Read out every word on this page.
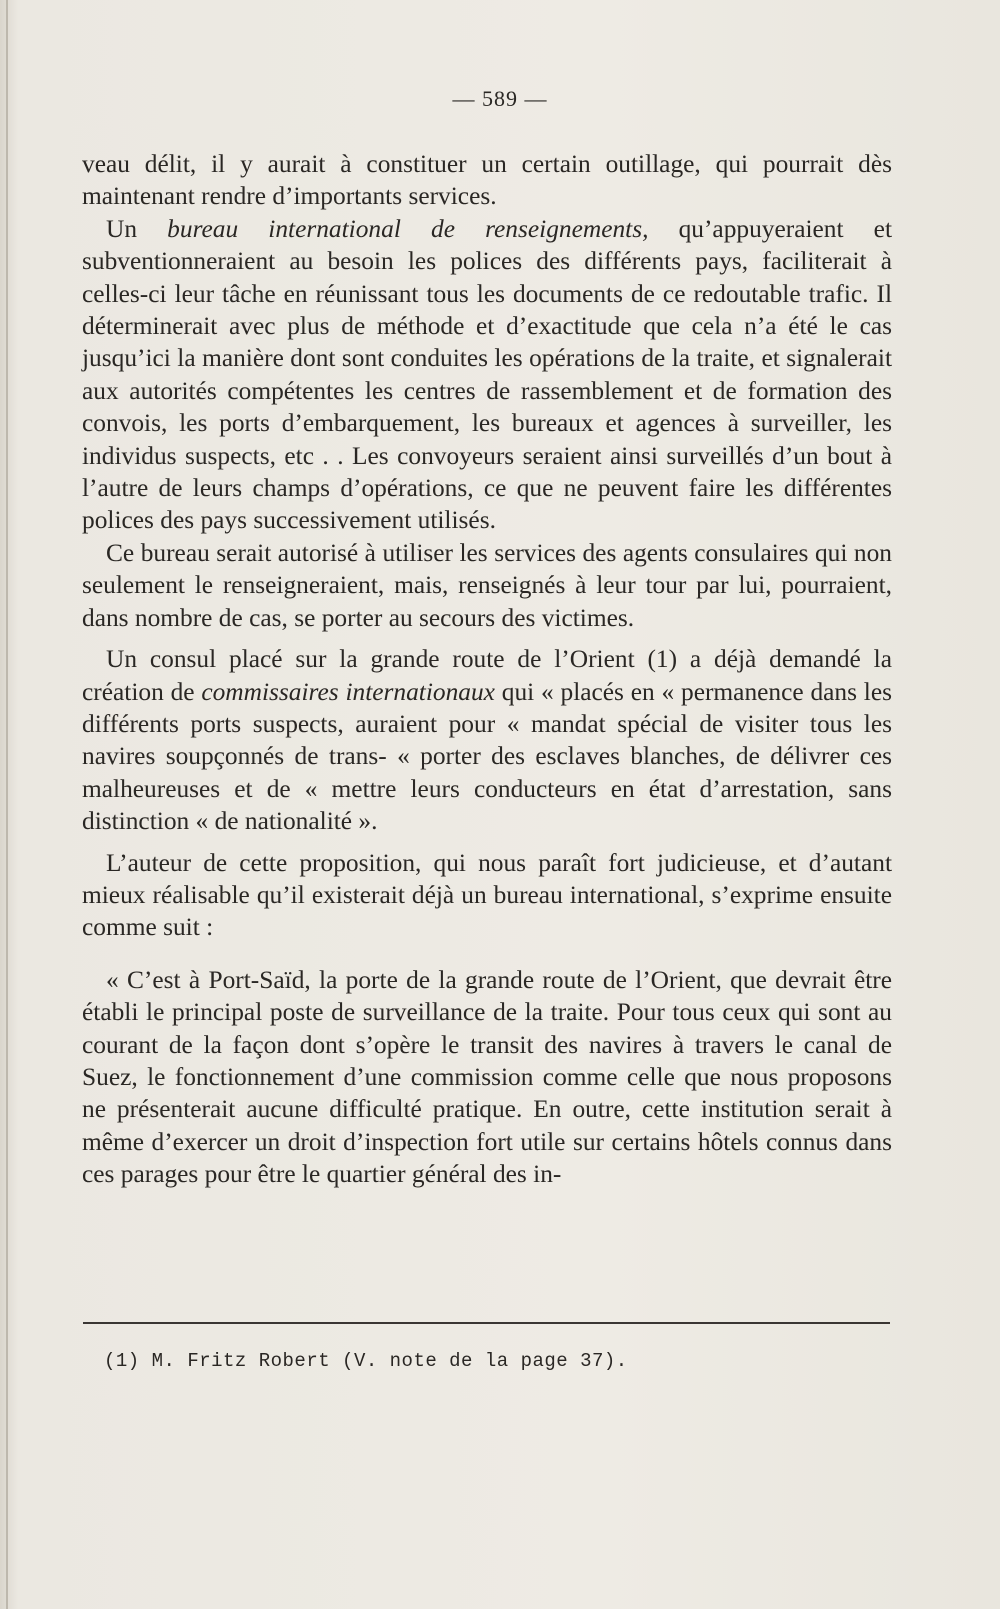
— 589 —

veau délit, il y aurait à constituer un certain outillage, qui pourrait dès maintenant rendre d’importants services.

Un bureau international de renseignements, qu’appuyeraient et subventionneraient au besoin les polices des différents pays, faciliterait à celles-ci leur tâche en réunissant tous les documents de ce redoutable trafic. Il déterminerait avec plus de méthode et d’exactitude que cela n’a été le cas jusqu’ici la manière dont sont conduites les opérations de la traite, et signalerait aux autorités compétentes les centres de rassemblement et de formation des convois, les ports d’embarquement, les bureaux et agences à surveiller, les individus suspects, etc . . Les convoyeurs seraient ainsi surveillés d’un bout à l’autre de leurs champs d’opérations, ce que ne peuvent faire les différentes polices des pays successivement utilisés.

Ce bureau serait autorisé à utiliser les services des agents consulaires qui non seulement le renseigneraient, mais, renseignés à leur tour par lui, pourraient, dans nombre de cas, se porter au secours des victimes.

Un consul placé sur la grande route de l’Orient (1) a déjà demandé la création de commissaires internationaux qui « placés en « permanence dans les différents ports suspects, auraient pour « mandat spécial de visiter tous les navires soupçonnés de trans- « porter des esclaves blanches, de délivrer ces malheureuses et de « mettre leurs conducteurs en état d’arrestation, sans distinction « de nationalité ».

L’auteur de cette proposition, qui nous paraît fort judicieuse, et d’autant mieux réalisable qu’il existerait déjà un bureau international, s’exprime ensuite comme suit :

« C’est à Port-Saïd, la porte de la grande route de l’Orient, que devrait être établi le principal poste de surveillance de la traite. Pour tous ceux qui sont au courant de la façon dont s’opère le transit des navires à travers le canal de Suez, le fonctionnement d’une commission comme celle que nous proposons ne présenterait aucune difficulté pratique. En outre, cette institution serait à même d’exercer un droit d’inspection fort utile sur certains hôtels connus dans ces parages pour être le quartier général des in-

(1) M. Fritz Robert (V. note de la page 37).
